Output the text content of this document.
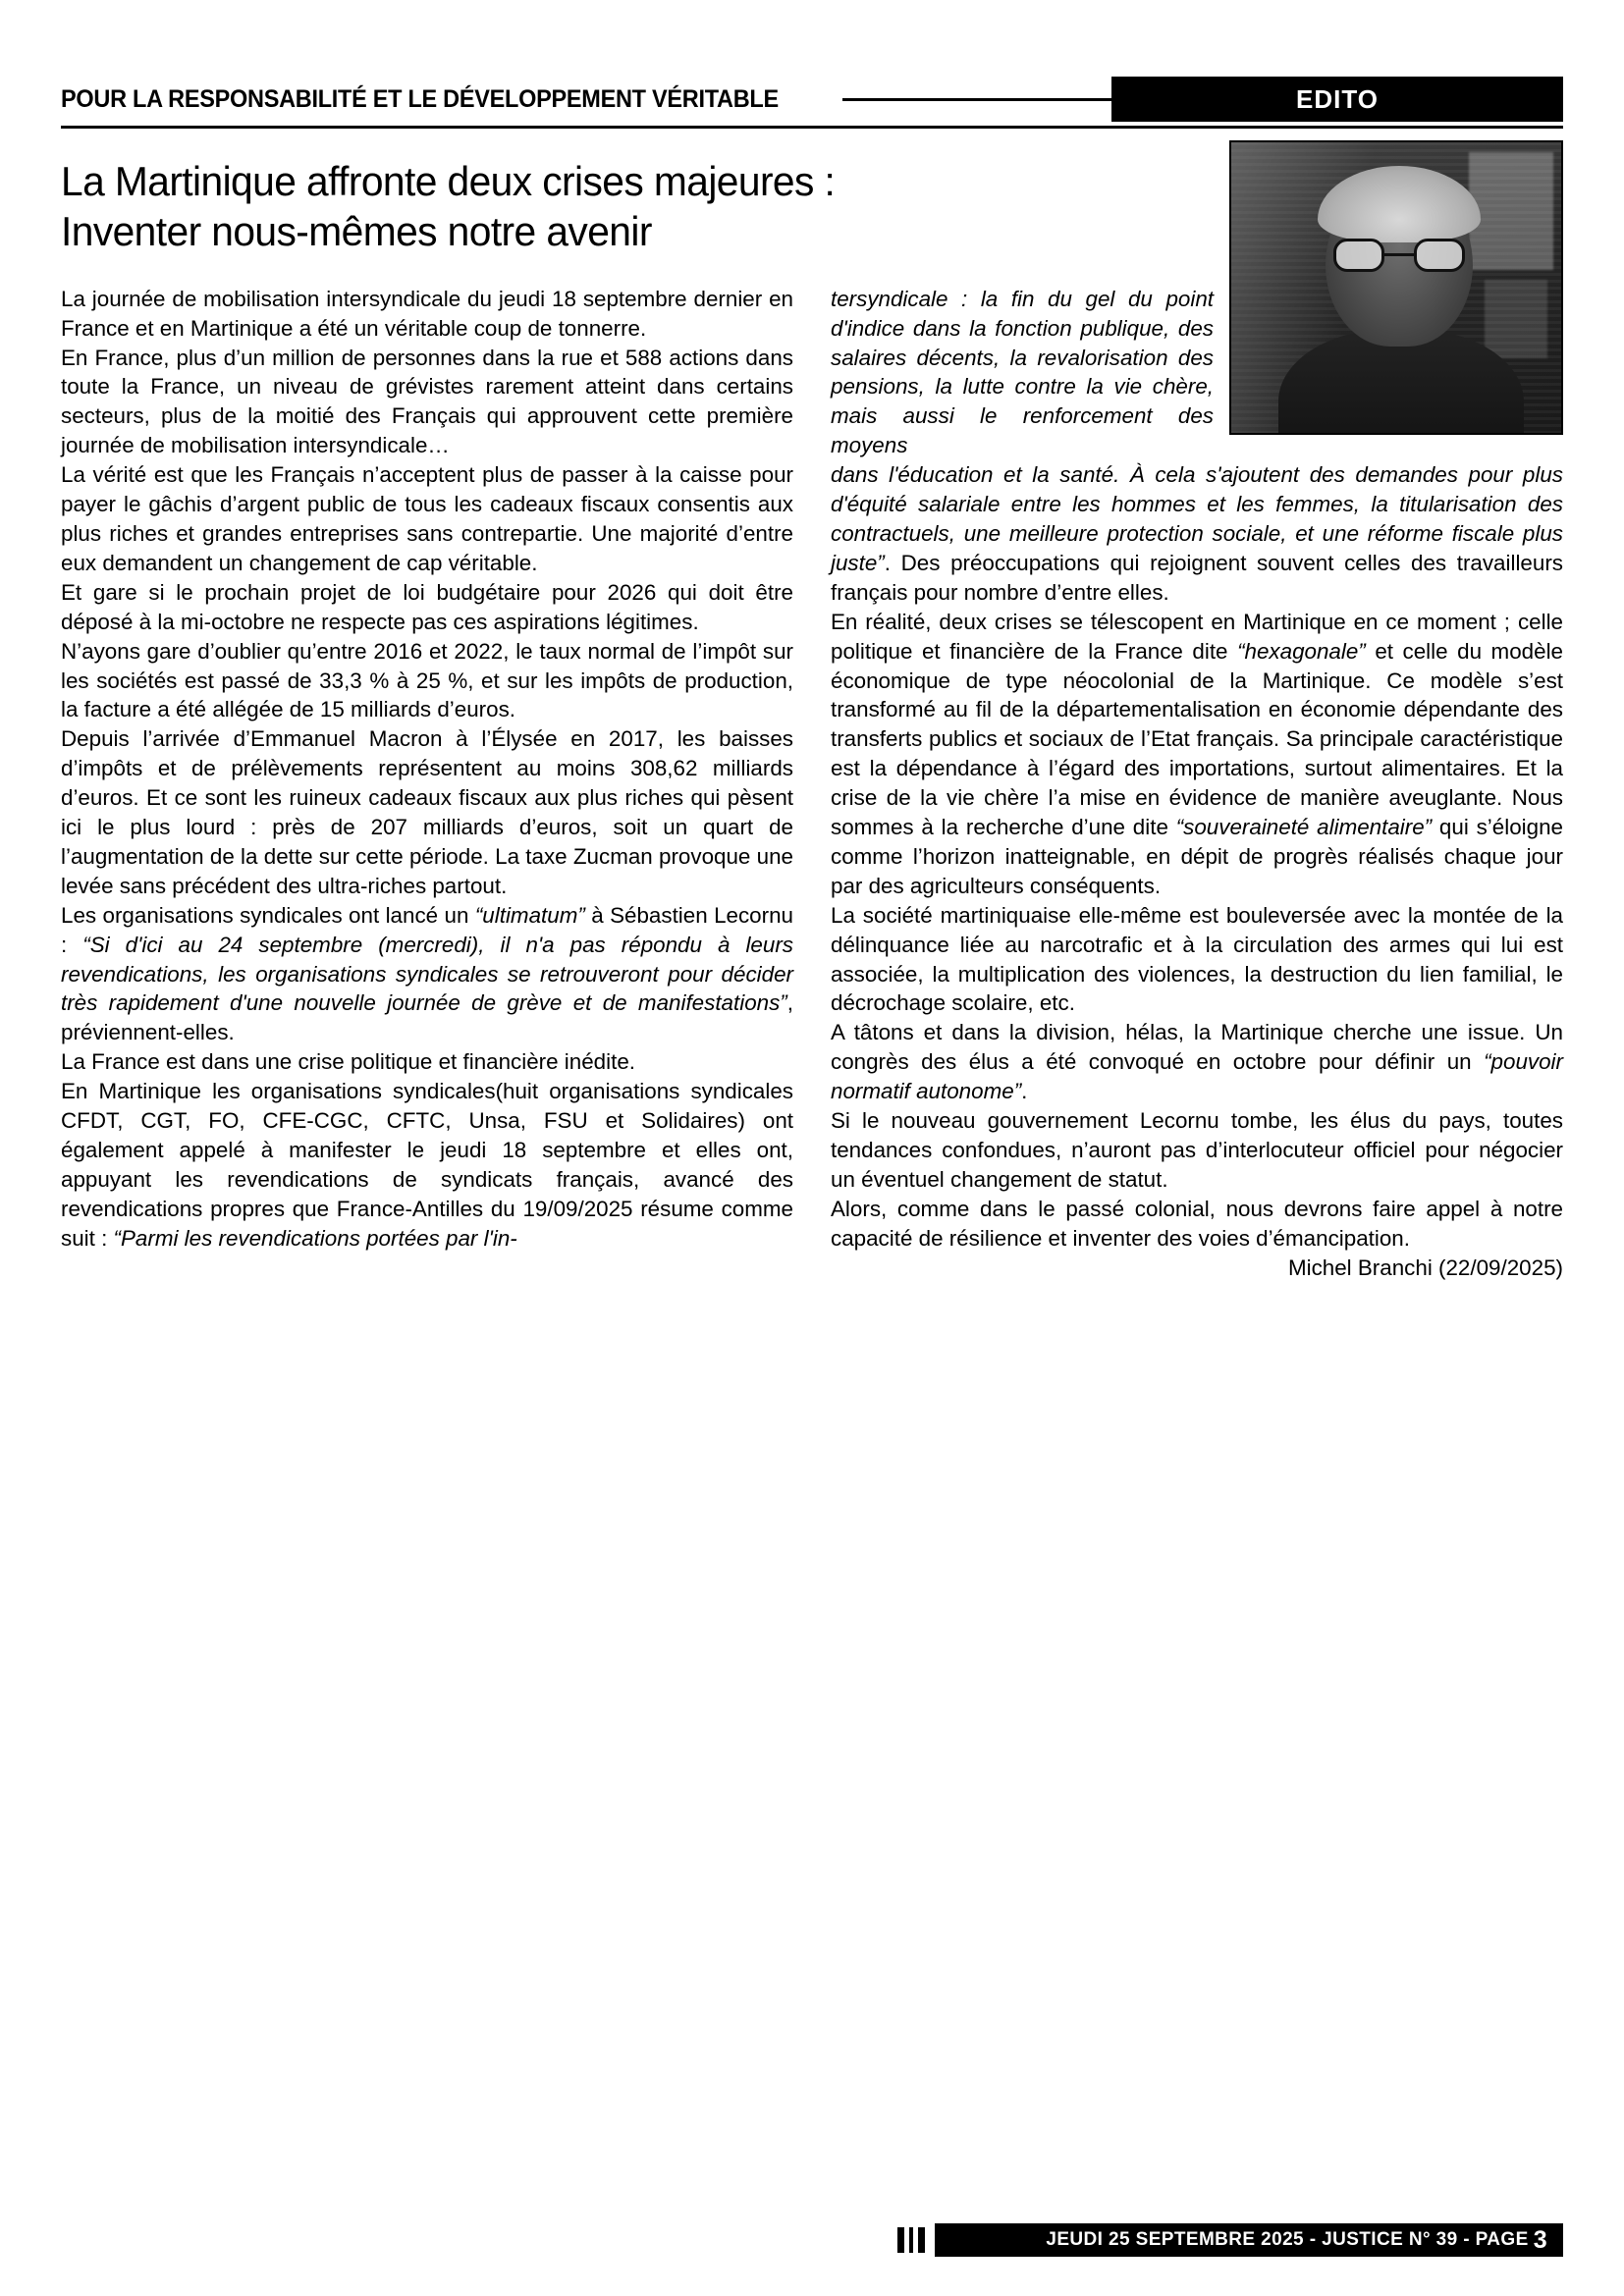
POUR LA RESPONSABILITÉ ET LE DÉVELOPPEMENT VÉRITABLE	EDITO
La Martinique affronte deux crises majeures :
Inventer nous-mêmes notre avenir

La journée de mobilisation intersyndicale du jeudi 18 septembre dernier en France et en Martinique a été un véritable coup de tonnerre.

En France, plus d’un million de personnes dans la rue et 588 actions dans toute la France, un niveau de grévistes rarement atteint dans certains secteurs, plus de la moitié des Français qui approuvent cette première journée de mobilisation intersyndicale…

La vérité est que les Français n’acceptent plus de passer à la caisse pour payer le gâchis d’argent public de tous les cadeaux fiscaux consentis aux plus riches et grandes entreprises sans contrepartie. Une majorité d’entre eux demandent un changement de cap véritable.

Et gare si le prochain projet de loi budgétaire pour 2026 qui doit être déposé à la mi-octobre ne respecte pas ces aspirations légitimes.

N’ayons gare d’oublier qu’entre 2016 et 2022, le taux normal de l’impôt sur les sociétés est passé de 33,3 % à 25 %, et sur les impôts de production, la facture a été allégée de 15 milliards d’euros.

Depuis l’arrivée d’Emmanuel Macron à l’Élysée en 2017, les baisses d’impôts et de prélèvements représentent au moins 308,62 milliards d’euros. Et ce sont les ruineux cadeaux fiscaux aux plus riches qui pèsent ici le plus lourd : près de 207 milliards d’euros, soit un quart de l’augmentation de la dette sur cette période. La taxe Zucman provoque une levée sans précédent des ultra-riches partout.

Les organisations syndicales ont lancé un “ultimatum” à Sébastien Lecornu : “Si d'ici au 24 septembre (mercredi), il n'a pas répondu à leurs revendications, les organisations syndicales se retrouveront pour décider très rapidement d'une nouvelle journée de grève et de manifestations”, préviennent-elles.

La France est dans une crise politique et financière inédite.

En Martinique les organisations syndicales(huit organisations syndicales CFDT, CGT, FO, CFE-CGC, CFTC, Unsa, FSU et Solidaires) ont également appelé à manifester le jeudi 18 septembre et elles ont, appuyant les revendications de syndicats français, avancé des revendications propres que France-Antilles du 19/09/2025 résume comme suit : “Parmi les revendications portées par l'in-

tersyndicale : la fin du gel du point d'indice dans la fonction publique, des salaires décents, la revalorisation des pensions, la lutte contre la vie chère, mais aussi le renforcement des moyens

dans l'éducation et la santé. À cela s'ajoutent des demandes pour plus d'équité salariale entre les hommes et les femmes, la titularisation des contractuels, une meilleure protection sociale, et une réforme fiscale plus juste”. Des préoccupations qui rejoignent souvent celles des travailleurs français pour nombre d’entre elles.

En réalité, deux crises se télescopent en Martinique en ce moment ; celle politique et financière de la France dite “hexagonale” et celle du modèle économique de type néocolonial de la Martinique. Ce modèle s’est transformé au fil de la départementalisation en économie dépendante des transferts publics et sociaux de l’Etat français. Sa principale caractéristique est la dépendance à l’égard des importations, surtout alimentaires. Et la crise de la vie chère l’a mise en évidence de manière aveuglante. Nous sommes à la recherche d’une dite “souveraineté alimentaire” qui s’éloigne comme l’horizon inatteignable, en dépit de progrès réalisés chaque jour par des agriculteurs conséquents.

La société martiniquaise elle-même est bouleversée avec la montée de la délinquance liée au narcotrafic et à la circulation des armes qui lui est associée, la multiplication des violences, la destruction du lien familial, le décrochage scolaire, etc.

A tâtons et dans la division, hélas, la Martinique cherche une issue. Un congrès des élus a été convoqué en octobre pour définir un “pouvoir normatif autonome”.

Si le nouveau gouvernement Lecornu tombe, les élus du pays, toutes tendances confondues, n’auront pas d’interlocuteur officiel pour négocier un éventuel changement de statut.

Alors, comme dans le passé colonial, nous devrons faire appel à notre capacité de résilience et inventer des voies d’émancipation.

Michel Branchi (22/09/2025)

JEUDI 25 SEPTEMBRE 2025 - JUSTICE N° 39 - PAGE 3
